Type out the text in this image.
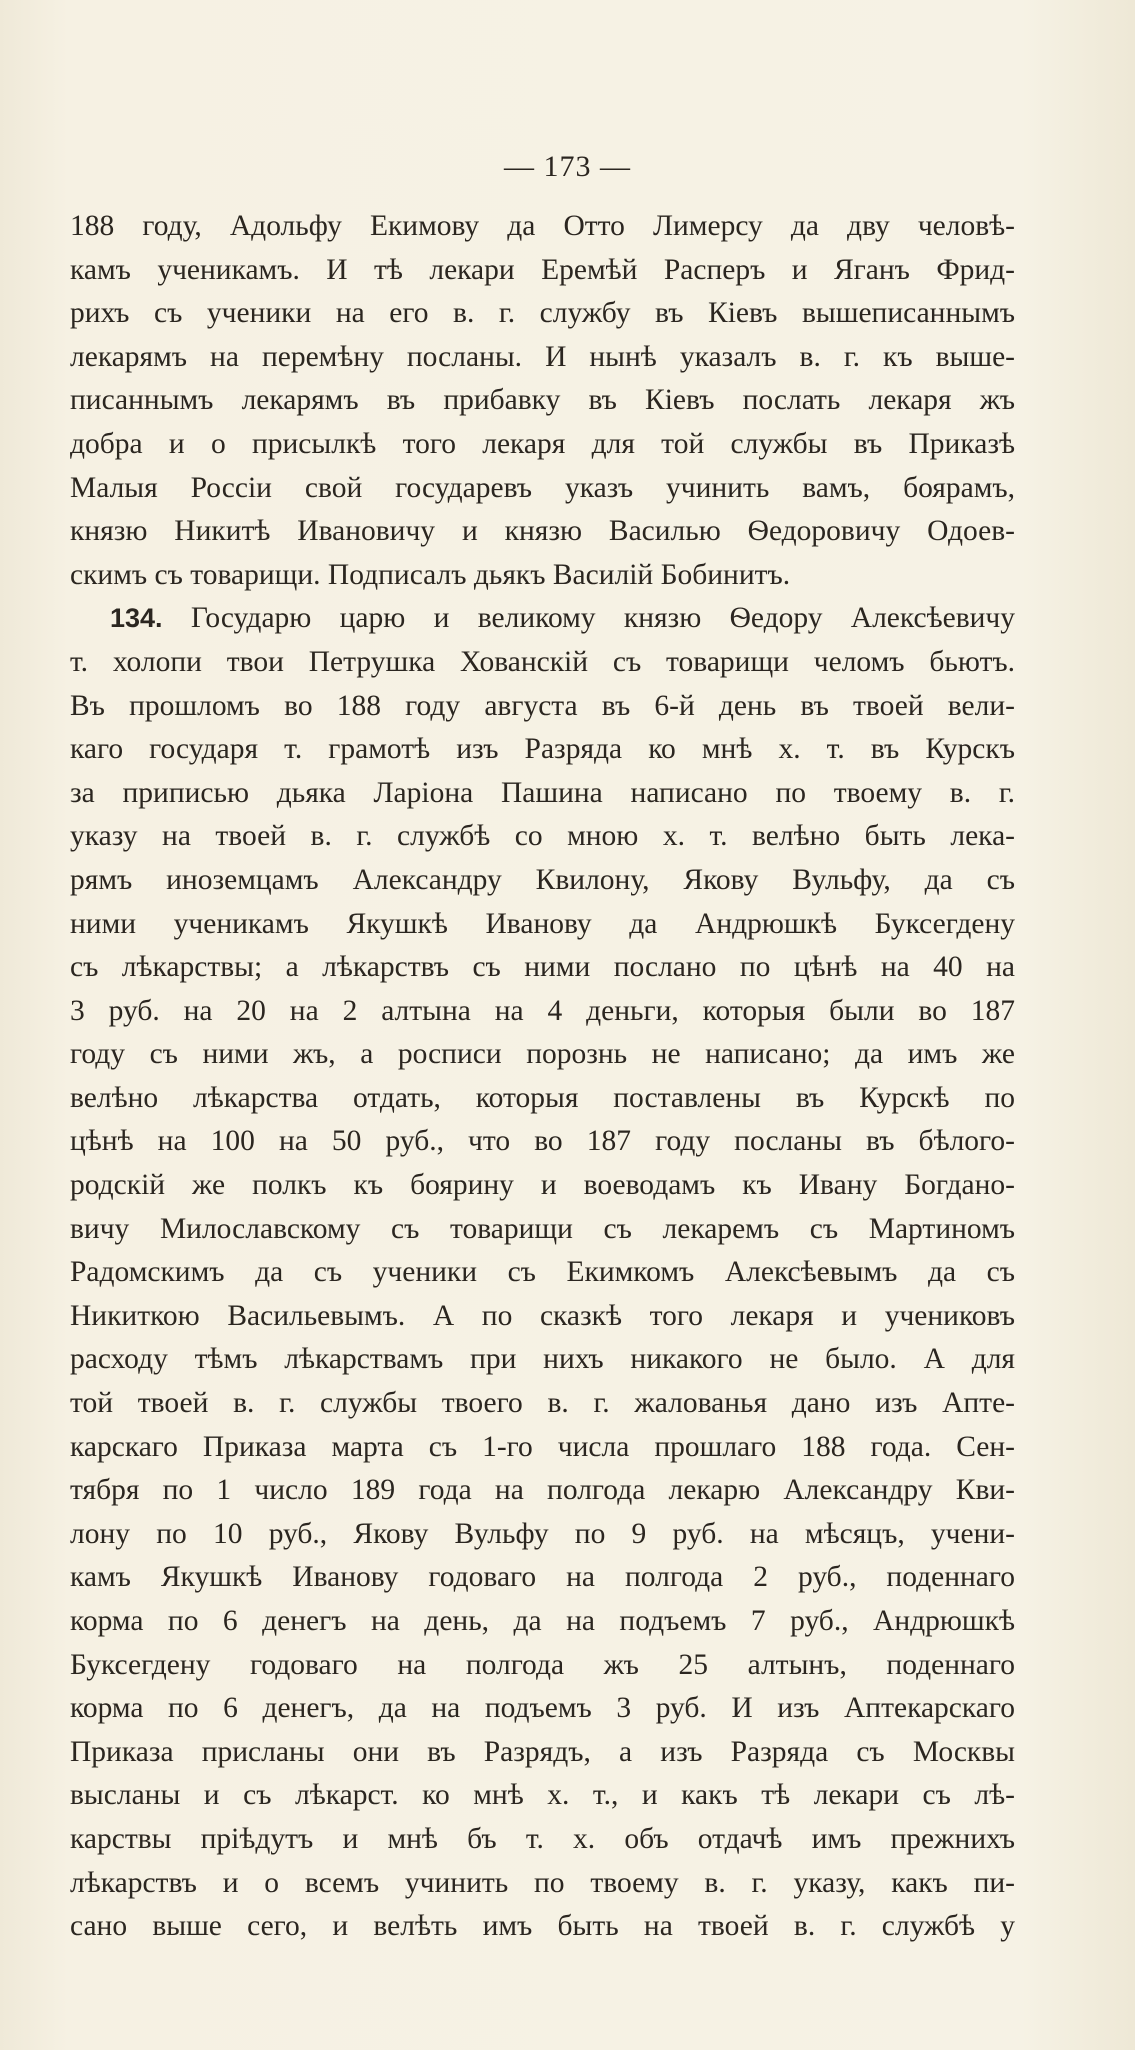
— 173 —
188 году, Адольфу Екимову да Отто Лимерсу да дву человѣ-
камъ ученикамъ. И тѣ лекари Еремѣй Расперъ и Яганъ Фрид-
рихъ съ ученики на его в. г. службу въ Кіевъ вышеписаннымъ
лекарямъ на перемѣну посланы. И нынѣ указалъ в. г. къ выше-
писаннымъ лекарямъ въ прибавку въ Кіевъ послать лекаря жъ
добра и о присылкѣ того лекаря для той службы въ Приказѣ
Малыя Россіи свой государевъ указъ учинить вамъ, боярамъ,
князю Никитѣ Ивановичу и князю Василью Ѳедоровичу Одоев-
скимъ съ товарищи. Подписалъ дьякъ Василій Бобинитъ.
134. Государю царю и великому князю Ѳедору Алексѣевичу
т. холопи твои Петрушка Хованскій съ товарищи челомъ бьютъ.
Въ прошломъ во 188 году августа въ 6-й день въ твоей вели-
каго государя т. грамотѣ изъ Разряда ко мнѣ х. т. въ Курскъ
за приписью дьяка Ларіона Пашина написано по твоему в. г.
указу на твоей в. г. службѣ со мною х. т. велѣно быть лека-
рямъ иноземцамъ Александру Квилону, Якову Вульфу, да съ
ними ученикамъ Якушкѣ Иванову да Андрюшкѣ Буксегдену
съ лѣкарствы; а лѣкарствъ съ ними послано по цѣнѣ на 40 на
3 руб. на 20 на 2 алтына на 4 деньги, которыя были во 187
году съ ними жъ, а росписи порознь не написано; да имъ же
велѣно лѣкарства отдать, которыя поставлены въ Курскѣ по
цѣнѣ на 100 на 50 руб., что во 187 году посланы въ бѣлого-
родскій же полкъ къ боярину и воеводамъ къ Ивану Богдано-
вичу Милославскому съ товарищи съ лекаремъ съ Мартиномъ
Радомскимъ да съ ученики съ Екимкомъ Алексѣевымъ да съ
Никиткою Васильевымъ. А по сказкѣ того лекаря и учениковъ
расходу тѣмъ лѣкарствамъ при нихъ никакого не было. А для
той твоей в. г. службы твоего в. г. жалованья дано изъ Апте-
карскаго Приказа марта съ 1-го числа прошлаго 188 года. Сен-
тября по 1 число 189 года на полгода лекарю Александру Кви-
лону по 10 руб., Якову Вульфу по 9 руб. на мѣсяцъ, учени-
камъ Якушкѣ Иванову годоваго на полгода 2 руб., поденнаго
корма по 6 денегъ на день, да на подъемъ 7 руб., Андрюшкѣ
Буксегдену годоваго на полгода жъ 25 алтынъ, поденнаго
корма по 6 денегъ, да на подъемъ 3 руб. И изъ Аптекарскаго
Приказа присланы они въ Разрядъ, а изъ Разряда съ Москвы
высланы и съ лѣкарст. ко мнѣ х. т., и какъ тѣ лекари съ лѣ-
карствы пріѣдутъ и мнѣ бъ т. х. объ отдачѣ имъ прежнихъ
лѣкарствъ и о всемъ учинить по твоему в. г. указу, какъ пи-
сано выше сего, и велѣть имъ быть на твоей в. г. службѣ у
